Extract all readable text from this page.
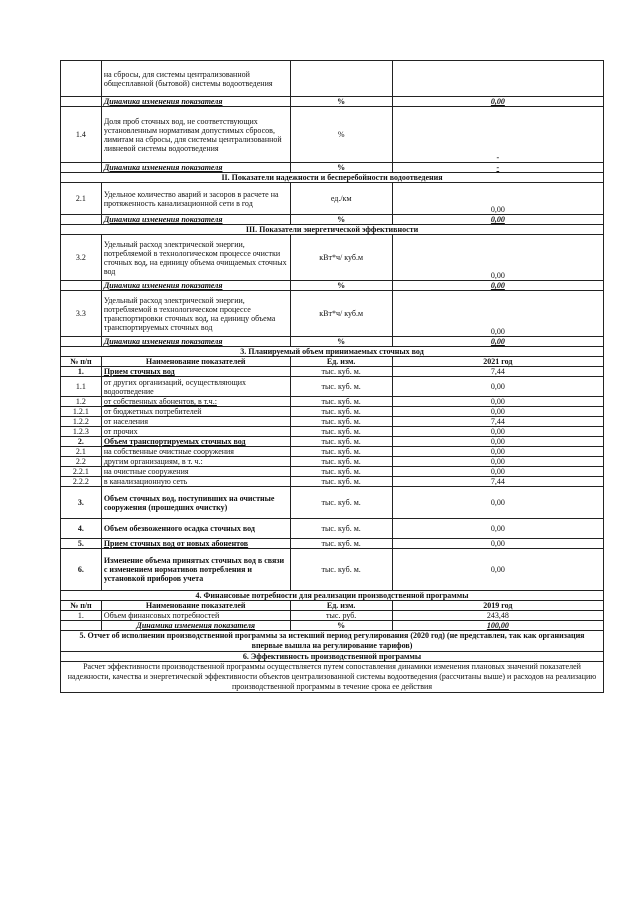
	на сбросы, для системы централизованной общесплавной (бытовой) системы водоотведения		
	Динамика изменения показателя	%	0,00
1.4	Доля проб сточных вод, не соответствующих установленным нормативам допустимых сбросов, лимитам на сбросы, для системы централизованной ливневой системы водоотведения	%	-
	Динамика изменения показателя	%	-
II. Показатели надежности и бесперебойности водоотведения			
2.1	Удельное количество аварий и засоров в расчете на протяженность канализационной сети в год	ед./км	0,00
	Динамика изменения показателя	%	0,00
III. Показатели энергетической эффективности			
3.2	Удельный расход электрической энергии, потребляемой в технологическом процессе очистки сточных вод, на единицу объема очищаемых сточных вод	кВт*ч/ куб.м	0,00
	Динамика изменения показателя	%	0,00
3.3	Удельный расход электрической энергии, потребляемой в технологическом процессе транспортировки сточных вод, на единицу объема транспортируемых сточных вод	кВт*ч/ куб.м	0,00
	Динамика изменения показателя	%	0,00
3. Планируемый объем принимаемых сточных вод			
№ п/п	Наименование показателей	Ед. изм.	2021 год
1.	Прием сточных вод	тыс. куб. м.	7,44
1.1	от других организаций, осуществляющих водоотведение	тыс. куб. м.	0,00
1.2	от собственных абонентов, в т.ч.:	тыс. куб. м.	0,00
1.2.1	от бюджетных потребителей	тыс. куб. м.	0,00
1.2.2	от населения	тыс. куб. м.	7,44
1.2.3	от прочих	тыс. куб. м.	0,00
2.	Объем транспортируемых сточных вод	тыс. куб. м.	0,00
2.1	на собственные очистные сооружения	тыс. куб. м.	0,00
2.2	другим организациям, в т. ч.:	тыс. куб. м.	0,00
2.2.1	на очистные сооружения	тыс. куб. м.	0,00
2.2.2	в канализационную сеть	тыс. куб. м.	7,44
3.	Объем сточных вод, поступивших на очистные сооружения (прошедших очистку)	тыс. куб. м.	0,00
4.	Объем обезвоженного осадка сточных вод	тыс. куб. м.	0,00
5.	Прием сточных вод от новых абонентов	тыс. куб. м.	0,00
6.	Изменение объема принятых сточных вод в связи с изменением нормативов потребления и установкой приборов учета	тыс. куб. м.	0,00
4. Финансовые потребности для реализации производственной программы			
№ п/п	Наименование показателей	Ед. изм.	2019 год
1.	Объем финансовых потребностей	тыс. руб.	243,48
	Динамика изменения показателя	%	100,00
5. Отчет об исполнении производственной программы за истекший период регулирования (2020 год) (не представлен, так как организация впервые вышла на регулирование тарифов)			
6. Эффективность производственной программы			
Расчет эффективности производственной программы осуществляется путем сопоставления динамики изменения плановых значений показателей надежности, качества и энергетической эффективности объектов централизованной системы водоотведения (рассчитаны выше) и расходов на реализацию производственной программы в течение срока ее действия			
